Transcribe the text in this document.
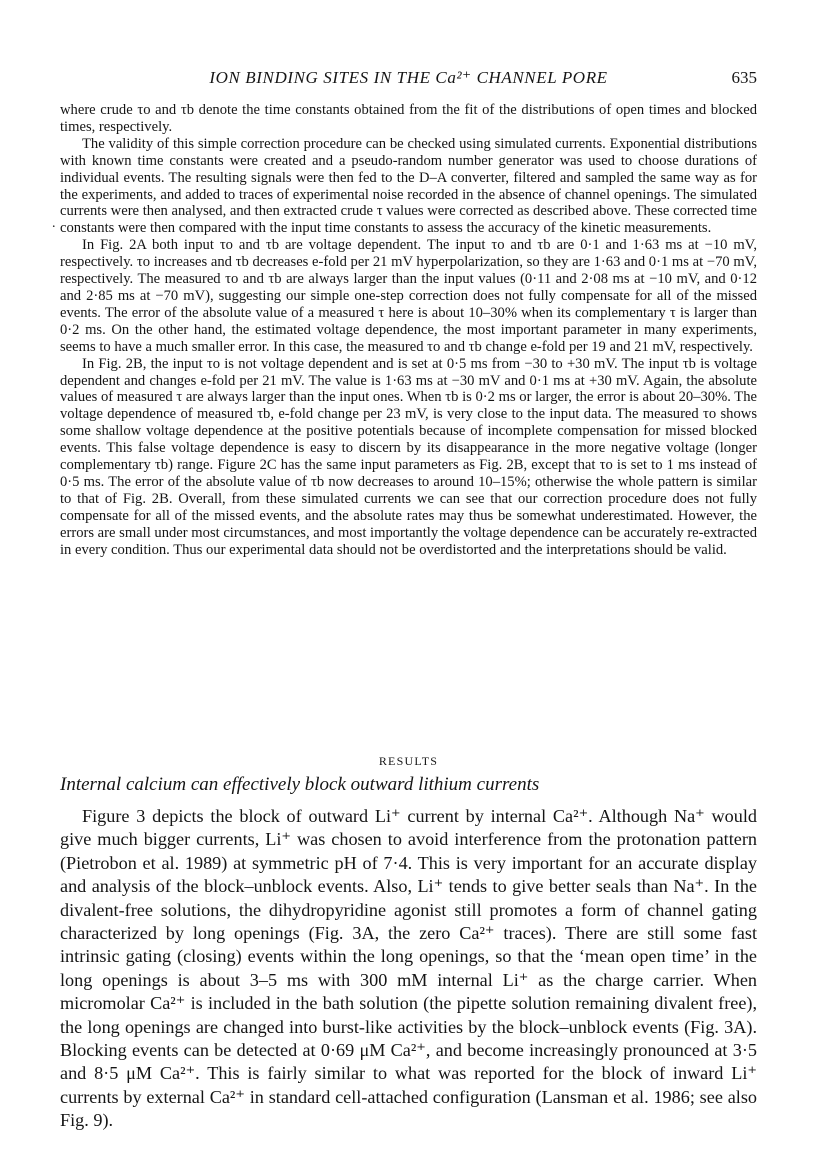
ION BINDING SITES IN THE Ca²⁺ CHANNEL PORE	635
.

where crude τo and τb denote the time constants obtained from the fit of the distributions of open times and blocked times, respectively.

The validity of this simple correction procedure can be checked using simulated currents. Exponential distributions with known time constants were created and a pseudo-random number generator was used to choose durations of individual events. The resulting signals were then fed to the D–A converter, filtered and sampled the same way as for the experiments, and added to traces of experimental noise recorded in the absence of channel openings. The simulated currents were then analysed, and then extracted crude τ values were corrected as described above. These corrected time constants were then compared with the input time constants to assess the accuracy of the kinetic measurements.

In Fig. 2A both input τo and τb are voltage dependent. The input τo and τb are 0·1 and 1·63 ms at −10 mV, respectively. τo increases and τb decreases e-fold per 21 mV hyperpolarization, so they are 1·63 and 0·1 ms at −70 mV, respectively. The measured τo and τb are always larger than the input values (0·11 and 2·08 ms at −10 mV, and 0·12 and 2·85 ms at −70 mV), suggesting our simple one-step correction does not fully compensate for all of the missed events. The error of the absolute value of a measured τ here is about 10–30% when its complementary τ is larger than 0·2 ms. On the other hand, the estimated voltage dependence, the most important parameter in many experiments, seems to have a much smaller error. In this case, the measured τo and τb change e-fold per 19 and 21 mV, respectively.

In Fig. 2B, the input τo is not voltage dependent and is set at 0·5 ms from −30 to +30 mV. The input τb is voltage dependent and changes e-fold per 21 mV. The value is 1·63 ms at −30 mV and 0·1 ms at +30 mV. Again, the absolute values of measured τ are always larger than the input ones. When τb is 0·2 ms or larger, the error is about 20–30%. The voltage dependence of measured τb, e-fold change per 23 mV, is very close to the input data. The measured τo shows some shallow voltage dependence at the positive potentials because of incomplete compensation for missed blocked events. This false voltage dependence is easy to discern by its disappearance in the more negative voltage (longer complementary τb) range. Figure 2C has the same input parameters as Fig. 2B, except that τo is set to 1 ms instead of 0·5 ms. The error of the absolute value of τb now decreases to around 10–15%; otherwise the whole pattern is similar to that of Fig. 2B. Overall, from these simulated currents we can see that our correction procedure does not fully compensate for all of the missed events, and the absolute rates may thus be somewhat underestimated. However, the errors are small under most circumstances, and most importantly the voltage dependence can be accurately re-extracted in every condition. Thus our experimental data should not be overdistorted and the interpretations should be valid.

RESULTS
Internal calcium can effectively block outward lithium currents

Figure 3 depicts the block of outward Li⁺ current by internal Ca²⁺. Although Na⁺ would give much bigger currents, Li⁺ was chosen to avoid interference from the protonation pattern (Pietrobon et al. 1989) at symmetric pH of 7·4. This is very important for an accurate display and analysis of the block–unblock events. Also, Li⁺ tends to give better seals than Na⁺. In the divalent-free solutions, the dihydropyridine agonist still promotes a form of channel gating characterized by long openings (Fig. 3A, the zero Ca²⁺ traces). There are still some fast intrinsic gating (closing) events within the long openings, so that the ‘mean open time’ in the long openings is about 3–5 ms with 300 mM internal Li⁺ as the charge carrier. When micromolar Ca²⁺ is included in the bath solution (the pipette solution remaining divalent free), the long openings are changed into burst-like activities by the block–unblock events (Fig. 3A). Blocking events can be detected at 0·69 μM Ca²⁺, and become increasingly pronounced at 3·5 and 8·5 μM Ca²⁺. This is fairly similar to what was reported for the block of inward Li⁺ currents by external Ca²⁺ in standard cell-attached configuration (Lansman et al. 1986; see also Fig. 9).
